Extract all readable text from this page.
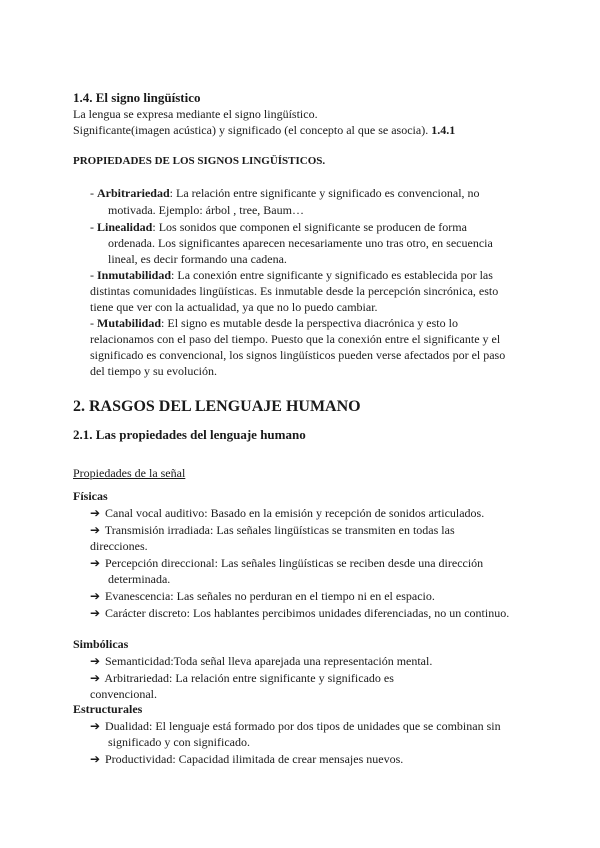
1.4. El signo lingüístico
La lengua se expresa mediante el signo lingüístico.
Significante(imagen acústica) y significado (el concepto al que se asocia). 1.4.1
PROPIEDADES DE LOS SIGNOS LINGÜÍSTICOS.
- Arbitrariedad: La relación entre significante y significado es convencional, no
motivada. Ejemplo: árbol , tree, Baum…
- Linealidad: Los sonidos que componen el significante se producen de forma
ordenada. Los significantes aparecen necesariamente uno tras otro, en secuencia
lineal, es decir formando una cadena.
- Inmutabilidad: La conexión entre significante y significado es establecida por las
distintas comunidades lingüísticas. Es inmutable desde la percepción sincrónica, esto
tiene que ver con la actualidad, ya que no lo puedo cambiar.
- Mutabilidad: El signo es mutable desde la perspectiva diacrónica y esto lo
relacionamos con el paso del tiempo. Puesto que la conexión entre el significante y el
significado es convencional, los signos lingüísticos pueden verse afectados por el paso
del tiempo y su evolución.
2. RASGOS DEL LENGUAJE HUMANO
2.1. Las propiedades del lenguaje humano
Propiedades de la señal
Físicas
➔ Canal vocal auditivo: Basado en la emisión y recepción de sonidos articulados.
➔ Transmisión irradiada: Las señales lingüísticas se transmiten en todas las
direcciones.
➔ Percepción direccional: Las señales lingüísticas se reciben desde una dirección
determinada.
➔ Evanescencia: Las señales no perduran en el tiempo ni en el espacio.
➔ Carácter discreto: Los hablantes percibimos unidades diferenciadas, no un continuo.
Simbólicas
➔ Semanticidad:Toda señal lleva aparejada una representación mental.
➔ Arbitrariedad: La relación entre significante y significado es
convencional.
Estructurales
➔ Dualidad: El lenguaje está formado por dos tipos de unidades que se combinan sin
significado y con significado.
➔ Productividad: Capacidad ilimitada de crear mensajes nuevos.
